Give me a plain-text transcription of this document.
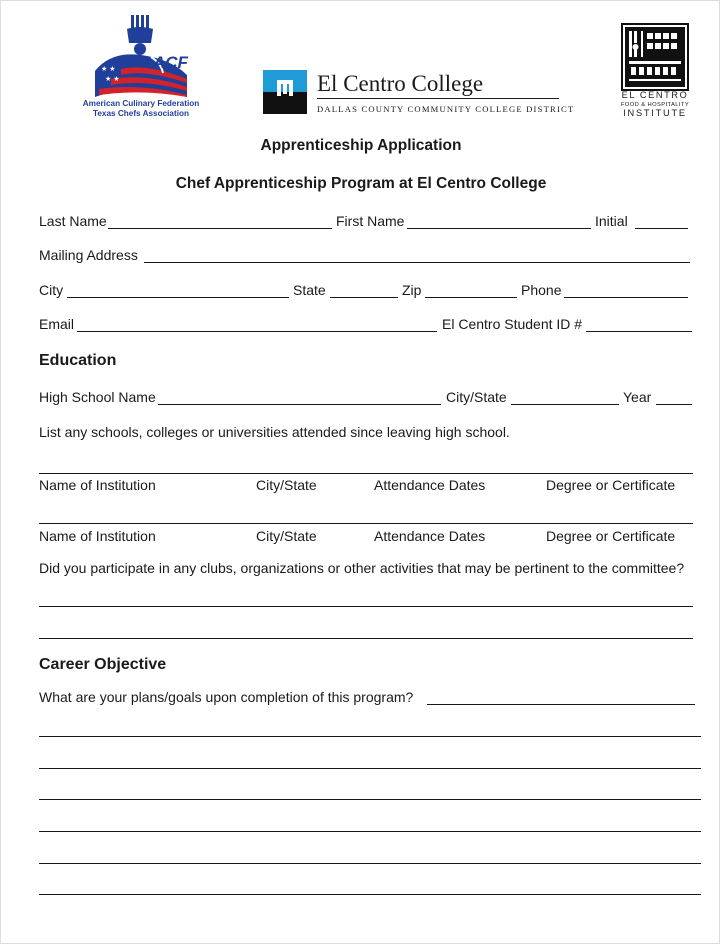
★ ★
★ ★
ACF
American Culinary Federation
Texas Chefs Association
El Centro College
DALLAS COUNTY COMMUNITY COLLEGE DISTRICT
EL CENTRO
FOOD & HOSPITALITY
INSTITUTE
Apprenticeship Application
Chef Apprenticeship Program at El Centro College
Last Name	First Name	Initial
Mailing Address
City	State	Zip	Phone
Email	El Centro Student ID #
Education
High School Name	City/State	Year
List any schools, colleges or universities attended since leaving high school.
Name of Institution	City/State	Attendance Dates	Degree or Certificate
Name of Institution	City/State	Attendance Dates	Degree or Certificate
Did you participate in any clubs, organizations or other activities that may be pertinent to the committee?
Career Objective
What are your plans/goals upon completion of this program?
